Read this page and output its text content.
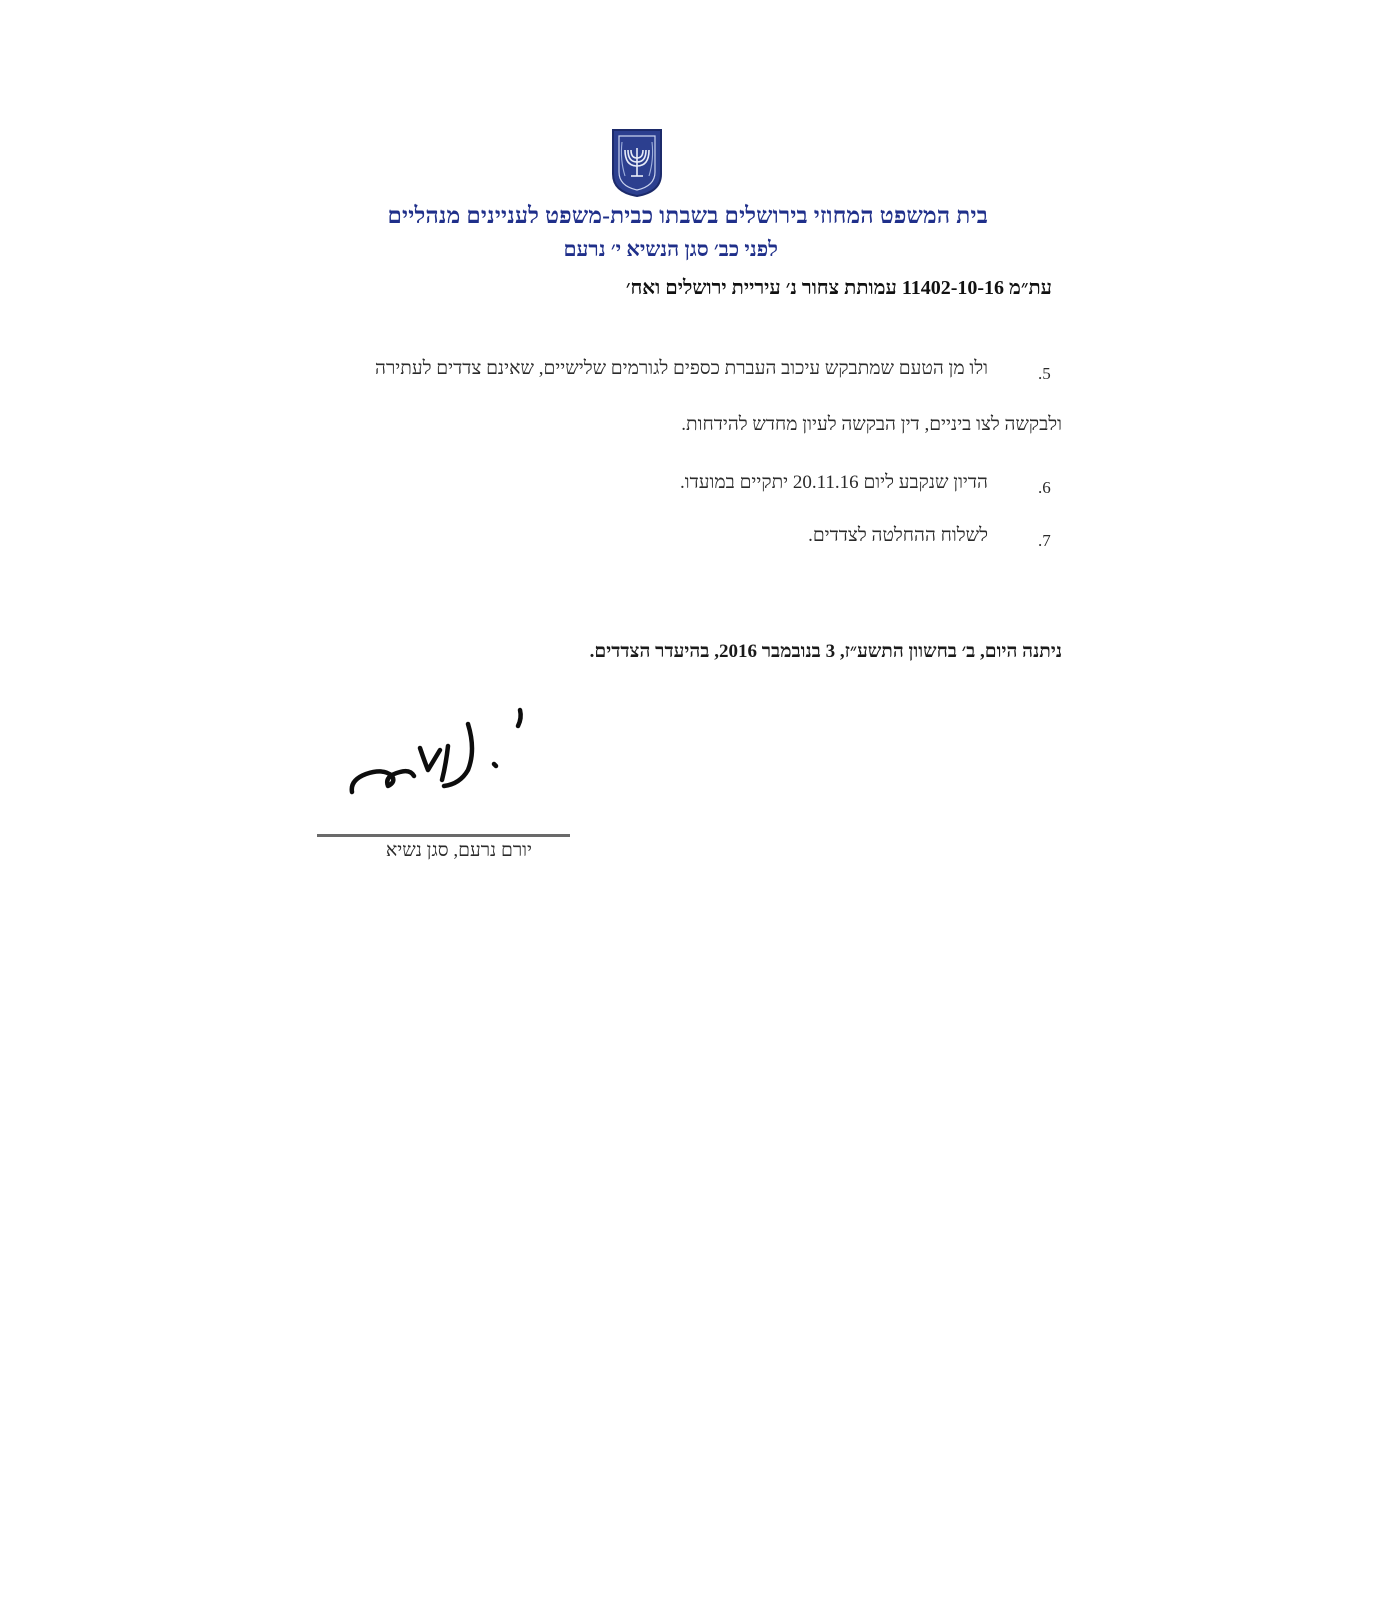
בית המשפט המחוזי בירושלים בשבתו כבית-משפט לעניינים מנהליים
לפני כב׳ סגן הנשיא י׳ נרעם
עת״מ 11402-10-16 עמותת צחור נ׳ עיריית ירושלים ואח׳
.5
ולו מן הטעם שמתבקש עיכוב העברת כספים לגורמים שלישיים, שאינם צדדים לעתירה
ולבקשה לצו ביניים, דין הבקשה לעיון מחדש להידחות.
.6
הדיון שנקבע ליום 20.11.16 יתקיים במועדו.
.7
לשלוח ההחלטה לצדדים.
ניתנה היום, ב׳ בחשוון התשע״ז, 3 בנובמבר 2016, בהיעדר הצדדים.
יורם נרעם, סגן נשיא
